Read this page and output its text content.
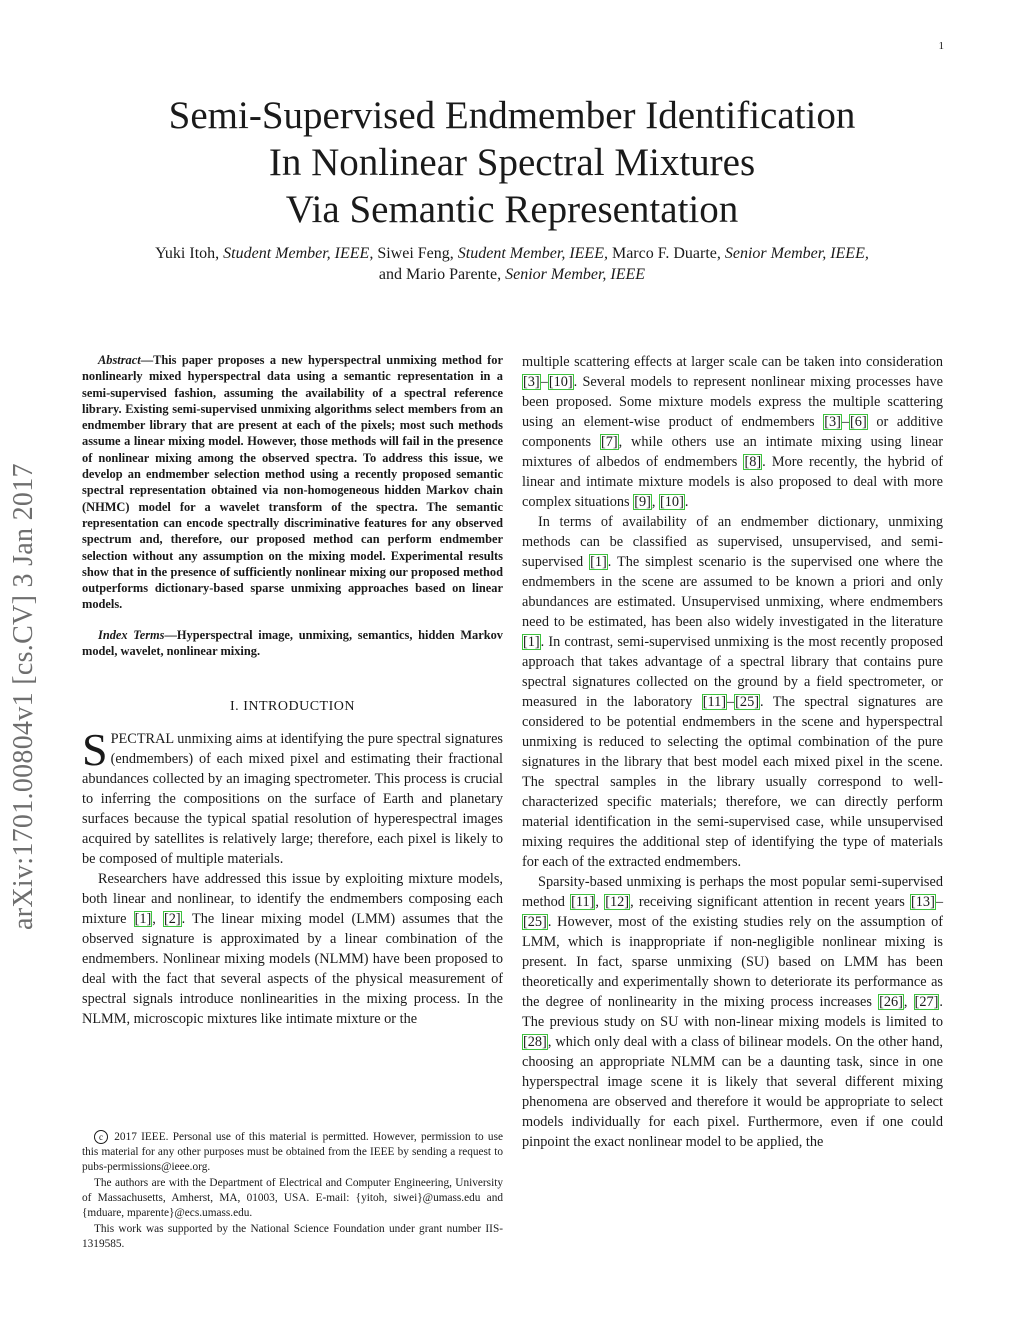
1
arXiv:1701.00804v1 [cs.CV] 3 Jan 2017
Semi-Supervised Endmember Identification
In Nonlinear Spectral Mixtures
Via Semantic Representation
Yuki Itoh, Student Member, IEEE, Siwei Feng, Student Member, IEEE, Marco F. Duarte, Senior Member, IEEE,
and Mario Parente, Senior Member, IEEE

Abstract—This paper proposes a new hyperspectral unmixing method for nonlinearly mixed hyperspectral data using a semantic representation in a semi-supervised fashion, assuming the availability of a spectral reference library. Existing semi-supervised unmixing algorithms select members from an endmember library that are present at each of the pixels; most such methods assume a linear mixing model. However, those methods will fail in the presence of nonlinear mixing among the observed spectra. To address this issue, we develop an endmember selection method using a recently proposed semantic spectral representation obtained via non-homogeneous hidden Markov chain (NHMC) model for a wavelet transform of the spectra. The semantic representation can encode spectrally discriminative features for any observed spectrum and, therefore, our proposed method can perform endmember selection without any assumption on the mixing model. Experimental results show that in the presence of sufficiently nonlinear mixing our proposed method outperforms dictionary-based sparse unmixing approaches based on linear models.

Index Terms—Hyperspectral image, unmixing, semantics, hidden Markov model, wavelet, nonlinear mixing.

I. INTRODUCTION

SPECTRAL unmixing aims at identifying the pure spectral signatures (endmembers) of each mixed pixel and estimating their fractional abundances collected by an imaging spectrometer. This process is crucial to inferring the compositions on the surface of Earth and planetary surfaces because the typical spatial resolution of hyperespectral images acquired by satellites is relatively large; therefore, each pixel is likely to be composed of multiple materials.

Researchers have addressed this issue by exploiting mixture models, both linear and nonlinear, to identify the endmembers composing each mixture [1], [2]. The linear mixing model (LMM) assumes that the observed signature is approximated by a linear combination of the endmembers. Nonlinear mixing models (NLMM) have been proposed to deal with the fact that several aspects of the physical measurement of spectral signals introduce nonlinearities in the mixing process. In the NLMM, microscopic mixtures like intimate mixture or the

c 2017 IEEE. Personal use of this material is permitted. However, permission to use this material for any other purposes must be obtained from the IEEE by sending a request to pubs-permissions@ieee.org.

The authors are with the Department of Electrical and Computer Engineering, University of Massachusetts, Amherst, MA, 01003, USA. E-mail: {yitoh, siwei}@umass.edu and {mduare, mparente}@ecs.umass.edu.

This work was supported by the National Science Foundation under grant number IIS-1319585.

multiple scattering effects at larger scale can be taken into consideration [3]–[10]. Several models to represent nonlinear mixing processes have been proposed. Some mixture models express the multiple scattering using an element-wise product of endmembers [3]–[6] or additive components [7], while others use an intimate mixing using linear mixtures of albedos of endmembers [8]. More recently, the hybrid of linear and intimate mixture models is also proposed to deal with more complex situations [9], [10].

In terms of availability of an endmember dictionary, unmixing methods can be classified as supervised, unsupervised, and semi-supervised [1]. The simplest scenario is the supervised one where the endmembers in the scene are assumed to be known a priori and only abundances are estimated. Unsupervised unmixing, where endmembers need to be estimated, has been also widely investigated in the literature [1]. In contrast, semi-supervised unmixing is the most recently proposed approach that takes advantage of a spectral library that contains pure spectral signatures collected on the ground by a field spectrometer, or measured in the laboratory [11]–[25]. The spectral signatures are considered to be potential endmembers in the scene and hyperspectral unmixing is reduced to selecting the optimal combination of the pure signatures in the library that best model each mixed pixel in the scene. The spectral samples in the library usually correspond to well-characterized specific materials; therefore, we can directly perform material identification in the semi-supervised case, while unsupervised mixing requires the additional step of identifying the type of materials for each of the extracted endmembers.

Sparsity-based unmixing is perhaps the most popular semi-supervised method [11], [12], receiving significant attention in recent years [13]–[25]. However, most of the existing studies rely on the assumption of LMM, which is inappropriate if non-negligible nonlinear mixing is present. In fact, sparse unmixing (SU) based on LMM has been theoretically and experimentally shown to deteriorate its performance as the degree of nonlinearity in the mixing process increases [26], [27]. The previous study on SU with non-linear mixing models is limited to [28], which only deal with a class of bilinear models. On the other hand, choosing an appropriate NLMM can be a daunting task, since in one hyperspectral image scene it is likely that several different mixing phenomena are observed and therefore it would be appropriate to select models individually for each pixel. Furthermore, even if one could pinpoint the exact nonlinear model to be applied, the
